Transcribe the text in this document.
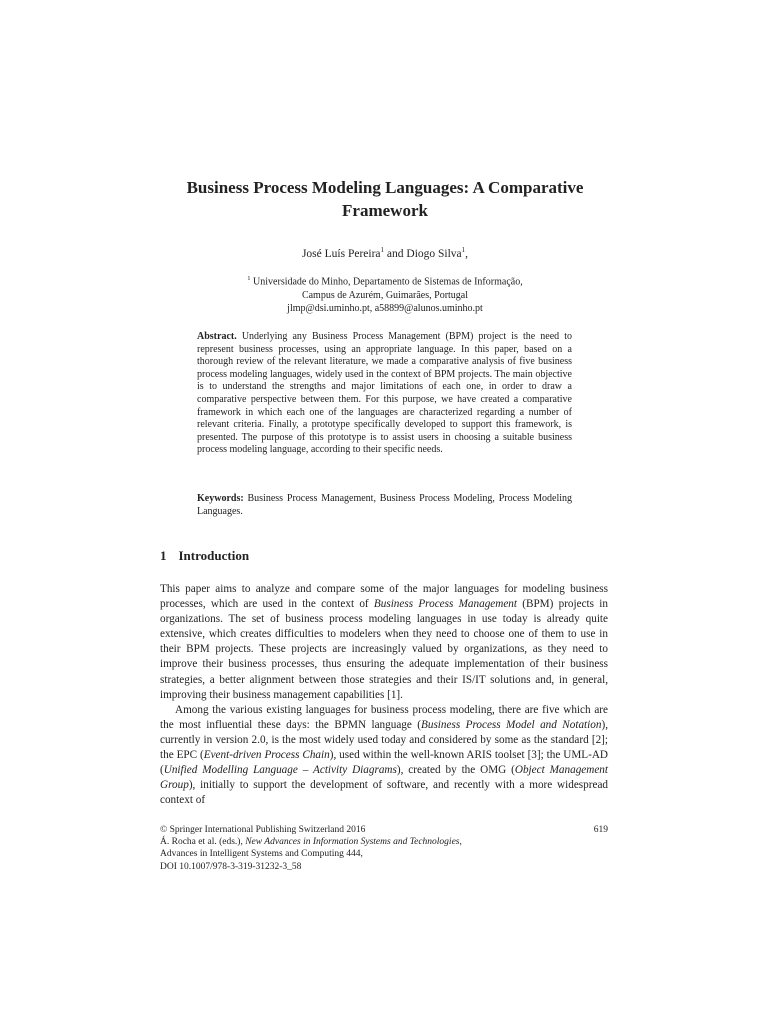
Business Process Modeling Languages: A Comparative Framework
José Luís Pereira$^1$ and Diogo Silva$^1$,
$^1$ Universidade do Minho, Departamento de Sistemas de Informação,
Campus de Azurém, Guimarães, Portugal
jlmp@dsi.uminho.pt, a58899@alunos.uminho.pt

Abstract. Underlying any Business Process Management (BPM) project is the need to represent business processes, using an appropriate language. In this paper, based on a thorough review of the relevant literature, we made a comparative analysis of five business process modeling languages, widely used in the context of BPM projects. The main objective is to understand the strengths and major limitations of each one, in order to draw a comparative perspective between them. For this purpose, we have created a comparative framework in which each one of the languages are characterized regarding a number of relevant criteria. Finally, a prototype specifically developed to support this framework, is presented. The purpose of this prototype is to assist users in choosing a suitable business process modeling language, according to their specific needs.

Keywords: Business Process Management, Business Process Modeling, Process Modeling Languages.

1 Introduction

This paper aims to analyze and compare some of the major languages for modeling business processes, which are used in the context of Business Process Management (BPM) projects in organizations. The set of business process modeling languages in use today is already quite extensive, which creates difficulties to modelers when they need to choose one of them to use in their BPM projects. These projects are increasingly valued by organizations, as they need to improve their business processes, thus ensuring the adequate implementation of their business strategies, a better alignment between those strategies and their IS/IT solutions and, in general, improving their business management capabilities [1].

Among the various existing languages for business process modeling, there are five which are the most influential these days: the BPMN language (Business Process Model and Notation), currently in version 2.0, is the most widely used today and considered by some as the standard [2]; the EPC (Event-driven Process Chain), used within the well-known ARIS toolset [3]; the UML-AD (Unified Modelling Language – Activity Diagrams), created by the OMG (Object Management Group), initially to support the development of software, and recently with a more widespread context of

© Springer International Publishing Switzerland 2016	619
Á. Rocha et al. (eds.), New Advances in Information Systems and Technologies,
Advances in Intelligent Systems and Computing 444,
DOI 10.1007/978-3-319-31232-3_58
